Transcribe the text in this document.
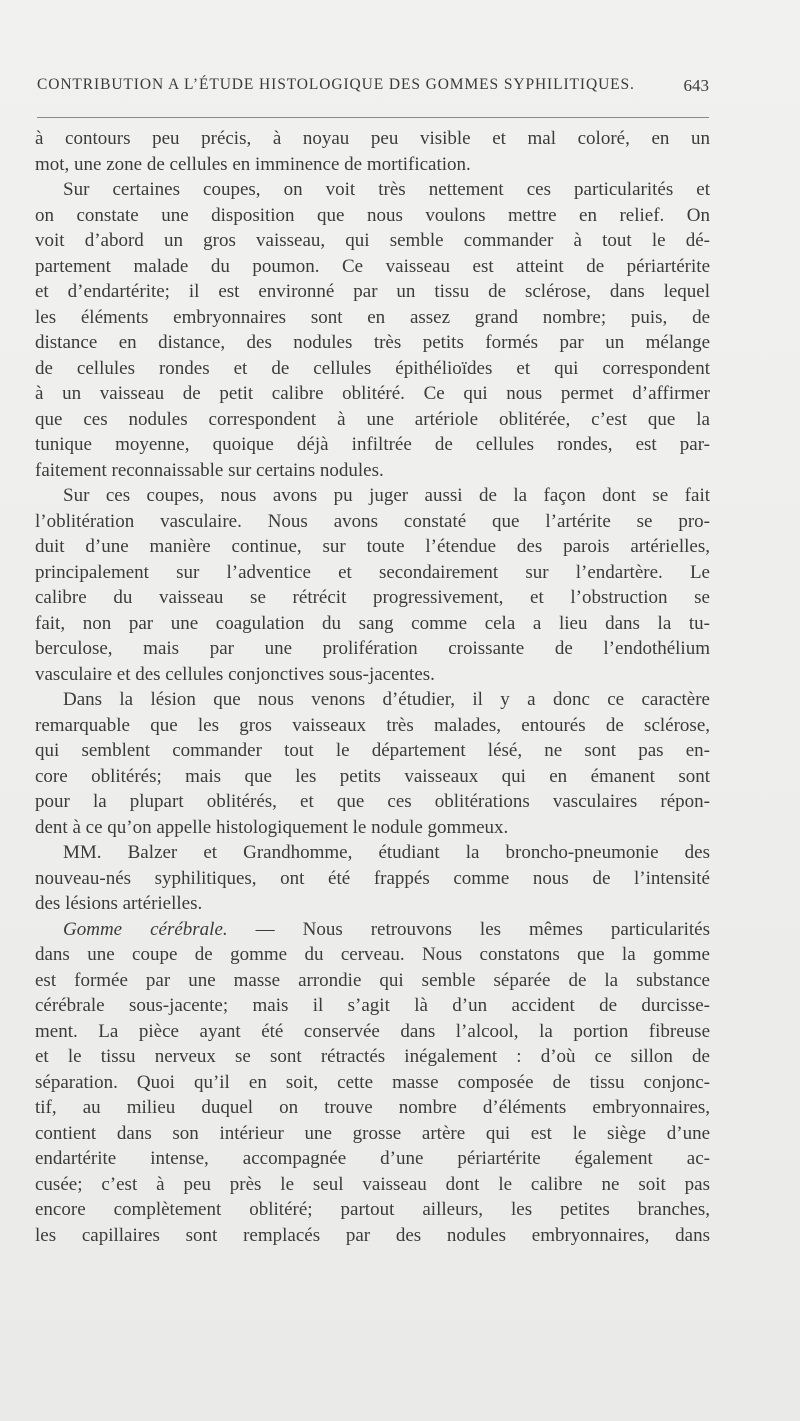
CONTRIBUTION A L’ÉTUDE HISTOLOGIQUE DES GOMMES SYPHILITIQUES.	643

à contours peu précis, à noyau peu visible et mal coloré, en un
mot, une zone de cellules en imminence de mortification.

Sur certaines coupes, on voit très nettement ces particularités et
on constate une disposition que nous voulons mettre en relief. On
voit d’abord un gros vaisseau, qui semble commander à tout le dé-
partement malade du poumon. Ce vaisseau est atteint de périartérite
et d’endartérite; il est environné par un tissu de sclérose, dans lequel
les éléments embryonnaires sont en assez grand nombre; puis, de
distance en distance, des nodules très petits formés par un mélange
de cellules rondes et de cellules épithélioïdes et qui correspondent
à un vaisseau de petit calibre oblitéré. Ce qui nous permet d’affirmer
que ces nodules correspondent à une artériole oblitérée, c’est que la
tunique moyenne, quoique déjà infiltrée de cellules rondes, est par-
faitement reconnaissable sur certains nodules.

Sur ces coupes, nous avons pu juger aussi de la façon dont se fait
l’oblitération vasculaire. Nous avons constaté que l’artérite se pro-
duit d’une manière continue, sur toute l’étendue des parois artérielles,
principalement sur l’adventice et secondairement sur l’endartère. Le
calibre du vaisseau se rétrécit progressivement, et l’obstruction se
fait, non par une coagulation du sang comme cela a lieu dans la tu-
berculose, mais par une prolifération croissante de l’endothélium
vasculaire et des cellules conjonctives sous-jacentes.

Dans la lésion que nous venons d’étudier, il y a donc ce caractère
remarquable que les gros vaisseaux très malades, entourés de sclérose,
qui semblent commander tout le département lésé, ne sont pas en-
core oblitérés; mais que les petits vaisseaux qui en émanent sont
pour la plupart oblitérés, et que ces oblitérations vasculaires répon-
dent à ce qu’on appelle histologiquement le nodule gommeux.

MM. Balzer et Grandhomme, étudiant la broncho-pneumonie des
nouveau-nés syphilitiques, ont été frappés comme nous de l’intensité
des lésions artérielles.

Gomme cérébrale. — Nous retrouvons les mêmes particularités
dans une coupe de gomme du cerveau. Nous constatons que la gomme
est formée par une masse arrondie qui semble séparée de la substance
cérébrale sous-jacente; mais il s’agit là d’un accident de durcisse-
ment. La pièce ayant été conservée dans l’alcool, la portion fibreuse
et le tissu nerveux se sont rétractés inégalement : d’où ce sillon de
séparation. Quoi qu’il en soit, cette masse composée de tissu conjonc-
tif, au milieu duquel on trouve nombre d’éléments embryonnaires,
contient dans son intérieur une grosse artère qui est le siège d’une
endartérite intense, accompagnée d’une périartérite également ac-
cusée; c’est à peu près le seul vaisseau dont le calibre ne soit pas
encore complètement oblitéré; partout ailleurs, les petites branches,
les capillaires sont remplacés par des nodules embryonnaires, dans
